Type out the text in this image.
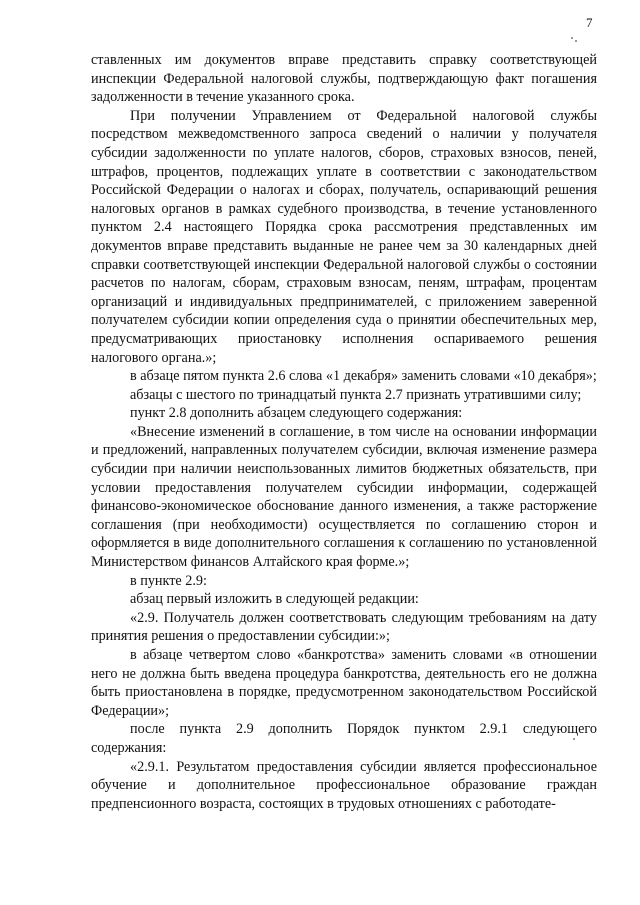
7

ставленных им документов вправе представить справку соответствующей инспекции Федеральной налоговой службы, подтверждающую факт погашения задолженности в течение указанного срока.

При получении Управлением от Федеральной налоговой службы посредством межведомственного запроса сведений о наличии у получателя субсидии задолженности по уплате налогов, сборов, страховых взносов, пеней, штрафов, процентов, подлежащих уплате в соответствии с законодательством Российской Федерации о налогах и сборах, получатель, оспаривающий решения налоговых органов в рамках судебного производства, в течение установленного пунктом 2.4 настоящего Порядка срока рассмотрения представленных им документов вправе представить выданные не ранее чем за 30 календарных дней справки соответствующей инспекции Федеральной налоговой службы о состоянии расчетов по налогам, сборам, страховым взносам, пеням, штрафам, процентам организаций и индивидуальных предпринимателей, с приложением заверенной получателем субсидии копии определения суда о принятии обеспечительных мер, предусматривающих приостановку исполнения оспариваемого решения налогового органа.»;

в абзаце пятом пункта 2.6 слова «1 декабря» заменить словами «10 декабря»;

абзацы с шестого по тринадцатый пункта 2.7 признать утратившими силу;

пункт 2.8 дополнить абзацем следующего содержания:

«Внесение изменений в соглашение, в том числе на основании информации и предложений, направленных получателем субсидии, включая изменение размера субсидии при наличии неиспользованных лимитов бюджетных обязательств, при условии предоставления получателем субсидии информации, содержащей финансово-экономическое обоснование данного изменения, а также расторжение соглашения (при необходимости) осуществляется по соглашению сторон и оформляется в виде дополнительного соглашения к соглашению по установленной Министерством финансов Алтайского края форме.»;

в пункте 2.9:

абзац первый изложить в следующей редакции:

«2.9. Получатель должен соответствовать следующим требованиям на дату принятия решения о предоставлении субсидии:»;

в абзаце четвертом слово «банкротства» заменить словами «в отношении него не должна быть введена процедура банкротства, деятельность его не должна быть приостановлена в порядке, предусмотренном законодательством Российской Федерации»;

после пункта 2.9 дополнить Порядок пунктом 2.9.1 следующего содержания:

«2.9.1. Результатом предоставления субсидии является профессиональное обучение и дополнительное профессиональное образование граждан предпенсионного возраста, состоящих в трудовых отношениях с работодате-
